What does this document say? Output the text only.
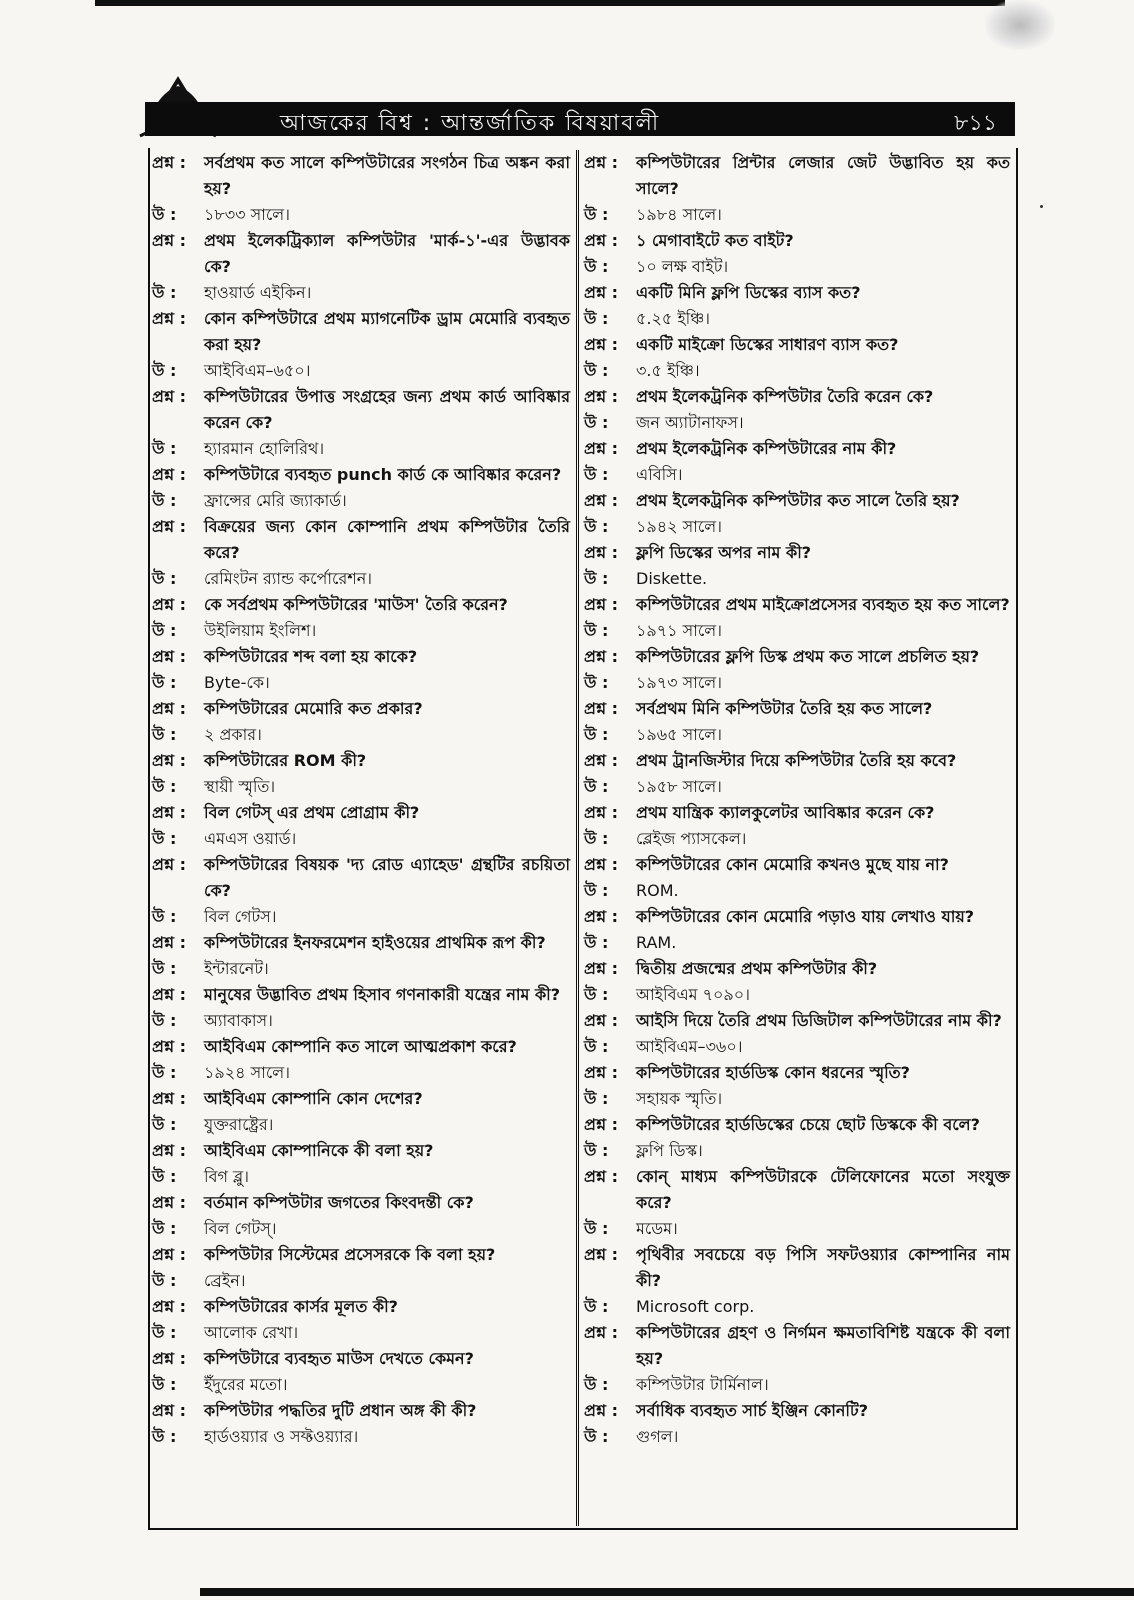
আজকের বিশ্ব : আন্তর্জাতিক বিষয়াবলী	৮১১
প্রশ্ন :	সর্বপ্রথম কত সালে কম্পিউটারের সংগঠন চিত্র অঙ্কন করা হয়?
উ :	১৮৩৩ সালে।
প্রশ্ন :	প্রথম ইলেকট্রিক্যাল কম্পিউটার 'মার্ক-১'-এর উদ্ভাবক কে?
উ :	হাওয়ার্ড এইকিন।
প্রশ্ন :	কোন কম্পিউটারে প্রথম ম্যাগনেটিক ড্রাম মেমোরি ব্যবহৃত করা হয়?
উ :	আইবিএম–৬৫০।
প্রশ্ন :	কম্পিউটারের উপাত্ত সংগ্রহের জন্য প্রথম কার্ড আবিষ্কার করেন কে?
উ :	হ্যারমান হোলিরিথ।
প্রশ্ন :	কম্পিউটারে ব্যবহৃত punch কার্ড কে আবিষ্কার করেন?
উ :	ফ্রান্সের মেরি জ্যাকার্ড।
প্রশ্ন :	বিক্রয়ের জন্য কোন কোম্পানি প্রথম কম্পিউটার তৈরি করে?
উ :	রেমিংটন র‍্যান্ড কর্পোরেশন।
প্রশ্ন :	কে সর্বপ্রথম কম্পিউটারের 'মাউস' তৈরি করেন?
উ :	উইলিয়াম ইংলিশ।
প্রশ্ন :	কম্পিউটারের শব্দ বলা হয় কাকে?
উ :	Byte-কে।
প্রশ্ন :	কম্পিউটারের মেমোরি কত প্রকার?
উ :	২ প্রকার।
প্রশ্ন :	কম্পিউটারের ROM কী?
উ :	স্থায়ী স্মৃতি।
প্রশ্ন :	বিল গেটস্ এর প্রথম প্রোগ্রাম কী?
উ :	এমএস ওয়ার্ড।
প্রশ্ন :	কম্পিউটারের বিষয়ক 'দ্য রোড এ্যাহেড' গ্রন্থটির রচয়িতা কে?
উ :	বিল গেটস।
প্রশ্ন :	কম্পিউটারের ইনফরমেশন হাইওয়ের প্রাথমিক রূপ কী?
উ :	ইন্টারনেট।
প্রশ্ন :	মানুষের উদ্ভাবিত প্রথম হিসাব গণনাকারী যন্ত্রের নাম কী?
উ :	অ্যাবাকাস।
প্রশ্ন :	আইবিএম কোম্পানি কত সালে আত্মপ্রকাশ করে?
উ :	১৯২৪ সালে।
প্রশ্ন :	আইবিএম কোম্পানি কোন দেশের?
উ :	যুক্তরাষ্ট্রের।
প্রশ্ন :	আইবিএম কোম্পানিকে কী বলা হয়?
উ :	বিগ ব্লু।
প্রশ্ন :	বর্তমান কম্পিউটার জগতের কিংবদন্তী কে?
উ :	বিল গেটস্।
প্রশ্ন :	কম্পিউটার সিস্টেমের প্রসেসরকে কি বলা হয়?
উ :	ব্রেইন।
প্রশ্ন :	কম্পিউটারের কার্সর মূলত কী?
উ :	আলোক রেখা।
প্রশ্ন :	কম্পিউটারে ব্যবহৃত মাউস দেখতে কেমন?
উ :	ইঁদুরের মতো।
প্রশ্ন :	কম্পিউটার পদ্ধতির দুটি প্রধান অঙ্গ কী কী?
উ :	হার্ডওয়্যার ও সফ্টওয়্যার।
প্রশ্ন :	কম্পিউটারের প্রিন্টার লেজার জেট উদ্ভাবিত হয় কত সালে?
উ :	১৯৮৪ সালে।
প্রশ্ন :	১ মেগাবাইটে কত বাইট?
উ :	১০ লক্ষ বাইট।
প্রশ্ন :	একটি মিনি ফ্লপি ডিস্কের ব্যাস কত?
উ :	৫.২৫ ইঞ্চি।
প্রশ্ন :	একটি মাইক্রো ডিস্কের সাধারণ ব্যাস কত?
উ :	৩.৫ ইঞ্চি।
প্রশ্ন :	প্রথম ইলেকট্রনিক কম্পিউটার তৈরি করেন কে?
উ :	জন অ্যাটানাফস।
প্রশ্ন :	প্রথম ইলেকট্রনিক কম্পিউটারের নাম কী?
উ :	এবিসি।
প্রশ্ন :	প্রথম ইলেকট্রনিক কম্পিউটার কত সালে তৈরি হয়?
উ :	১৯৪২ সালে।
প্রশ্ন :	ফ্লপি ডিস্কের অপর নাম কী?
উ :	Diskette.
প্রশ্ন :	কম্পিউটারের প্রথম মাইক্রোপ্রসেসর ব্যবহৃত হয় কত সালে?
উ :	১৯৭১ সালে।
প্রশ্ন :	কম্পিউটারের ফ্লপি ডিস্ক প্রথম কত সালে প্রচলিত হয়?
উ :	১৯৭৩ সালে।
প্রশ্ন :	সর্বপ্রথম মিনি কম্পিউটার তৈরি হয় কত সালে?
উ :	১৯৬৫ সালে।
প্রশ্ন :	প্রথম ট্রানজিস্টার দিয়ে কম্পিউটার তৈরি হয় কবে?
উ :	১৯৫৮ সালে।
প্রশ্ন :	প্রথম যান্ত্রিক ক্যালকুলেটর আবিষ্কার করেন কে?
উ :	ব্লেইজ প্যাসকেল।
প্রশ্ন :	কম্পিউটারের কোন মেমোরি কখনও মুছে যায় না?
উ :	ROM.
প্রশ্ন :	কম্পিউটারের কোন মেমোরি পড়াও যায় লেখাও যায়?
উ :	RAM.
প্রশ্ন :	দ্বিতীয় প্রজন্মের প্রথম কম্পিউটার কী?
উ :	আইবিএম ৭০৯০।
প্রশ্ন :	আইসি দিয়ে তৈরি প্রথম ডিজিটাল কম্পিউটারের নাম কী?
উ :	আইবিএম–৩৬০।
প্রশ্ন :	কম্পিউটারের হার্ডডিস্ক কোন ধরনের স্মৃতি?
উ :	সহায়ক স্মৃতি।
প্রশ্ন :	কম্পিউটারের হার্ডডিস্কের চেয়ে ছোট ডিস্ককে কী বলে?
উ :	ফ্লপি ডিস্ক।
প্রশ্ন :	কোন্ মাধ্যম কম্পিউটারকে টেলিফোনের মতো সংযুক্ত করে?
উ :	মডেম।
প্রশ্ন :	পৃথিবীর সবচেয়ে বড় পিসি সফটওয়্যার কোম্পানির নাম কী?
উ :	Microsoft corp.
প্রশ্ন :	কম্পিউটারের গ্রহণ ও নির্গমন ক্ষমতাবিশিষ্ট যন্ত্রকে কী বলা হয়?
উ :	কম্পিউটার টার্মিনাল।
প্রশ্ন :	সর্বাধিক ব্যবহৃত সার্চ ইঞ্জিন কোনটি?
উ :	গুগল।
